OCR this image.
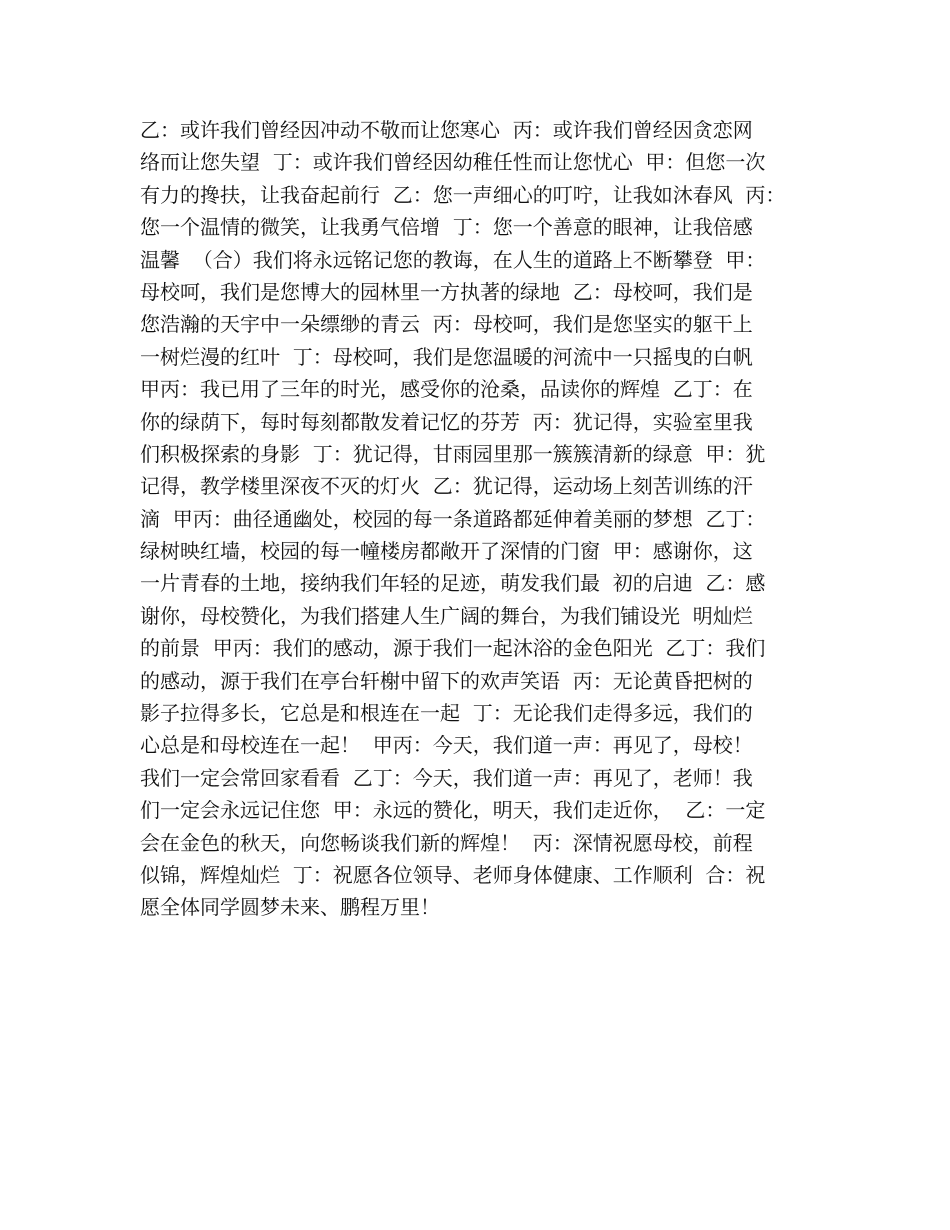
乙：或许我们曾经因冲动不敬而让您寒心  丙：或许我们曾经因贪恋网
络而让您失望  丁：或许我们曾经因幼稚任性而让您忧心  甲：但您一次
有力的搀扶，让我奋起前行  乙：您一声细心的叮咛，让我如沐春风  丙：
您一个温情的微笑，让我勇气倍增  丁：您一个善意的眼神，让我倍感
温馨  （合）我们将永远铭记您的教诲，在人生的道路上不断攀登  甲：
母校呵，我们是您博大的园林里一方执著的绿地  乙：母校呵，我们是
您浩瀚的天宇中一朵缥缈的青云  丙：母校呵，我们是您坚实的躯干上
一树烂漫的红叶  丁：母校呵，我们是您温暖的河流中一只摇曳的白帆
甲丙：我已用了三年的时光，感受你的沧桑，品读你的辉煌  乙丁：在
你的绿荫下，每时每刻都散发着记忆的芬芳  丙：犹记得，实验室里我
们积极探索的身影  丁：犹记得，甘雨园里那一簇簇清新的绿意  甲：犹
记得，教学楼里深夜不灭的灯火  乙：犹记得，运动场上刻苦训练的汗
滴  甲丙：曲径通幽处，校园的每一条道路都延伸着美丽的梦想  乙丁：
绿树映红墙，校园的每一幢楼房都敞开了深情的门窗  甲：感谢你，这
一片青春的土地，接纳我们年轻的足迹，萌发我们最  初的启迪  乙：感
谢你，母校赞化，为我们搭建人生广阔的舞台，为我们铺设光  明灿烂
的前景  甲丙：我们的感动，源于我们一起沐浴的金色阳光  乙丁：我们
的感动，源于我们在亭台轩榭中留下的欢声笑语  丙：无论黄昏把树的
影子拉得多长，它总是和根连在一起  丁：无论我们走得多远，我们的
心总是和母校连在一起！  甲丙：今天，我们道一声：再见了，母校！
我们一定会常回家看看  乙丁：今天，我们道一声：再见了，老师！我
们一定会永远记住您  甲：永远的赞化，明天，我们走近你，  乙：一定
会在金色的秋天，向您畅谈我们新的辉煌！  丙：深情祝愿母校，前程
似锦，辉煌灿烂  丁：祝愿各位领导、老师身体健康、工作顺利  合：祝
愿全体同学圆梦未来、鹏程万里！
